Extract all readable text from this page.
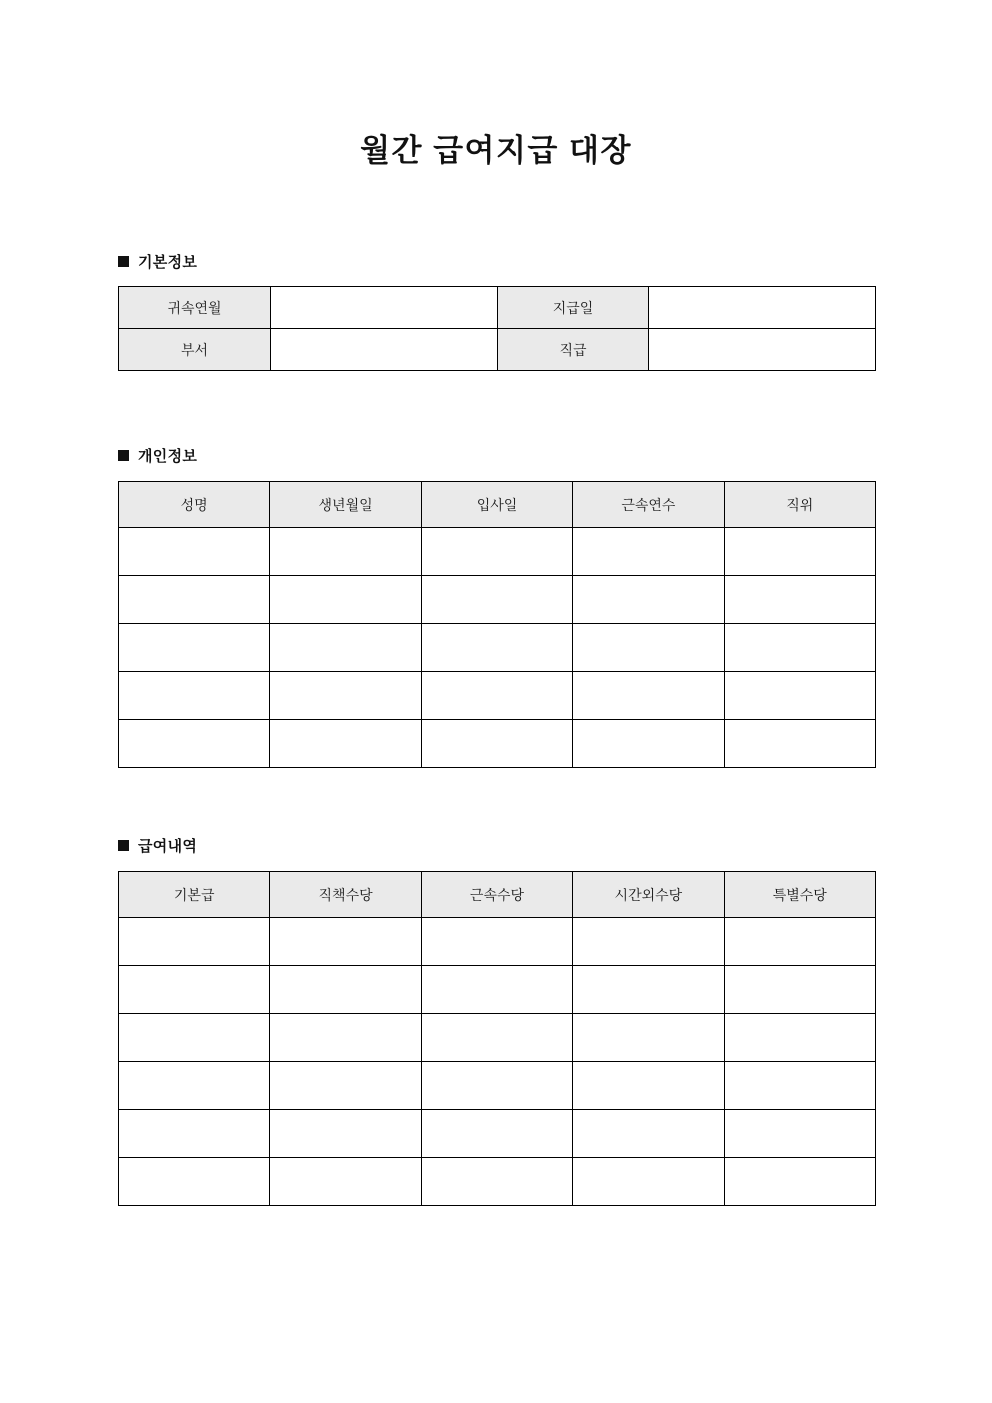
월간 급여지급 대장
기본정보
귀속연월		지급일	
부서		직급	
개인정보
성명	생년월일	입사일	근속연수	직위

급여내역
기본급	직책수당	근속수당	시간외수당	특별수당
